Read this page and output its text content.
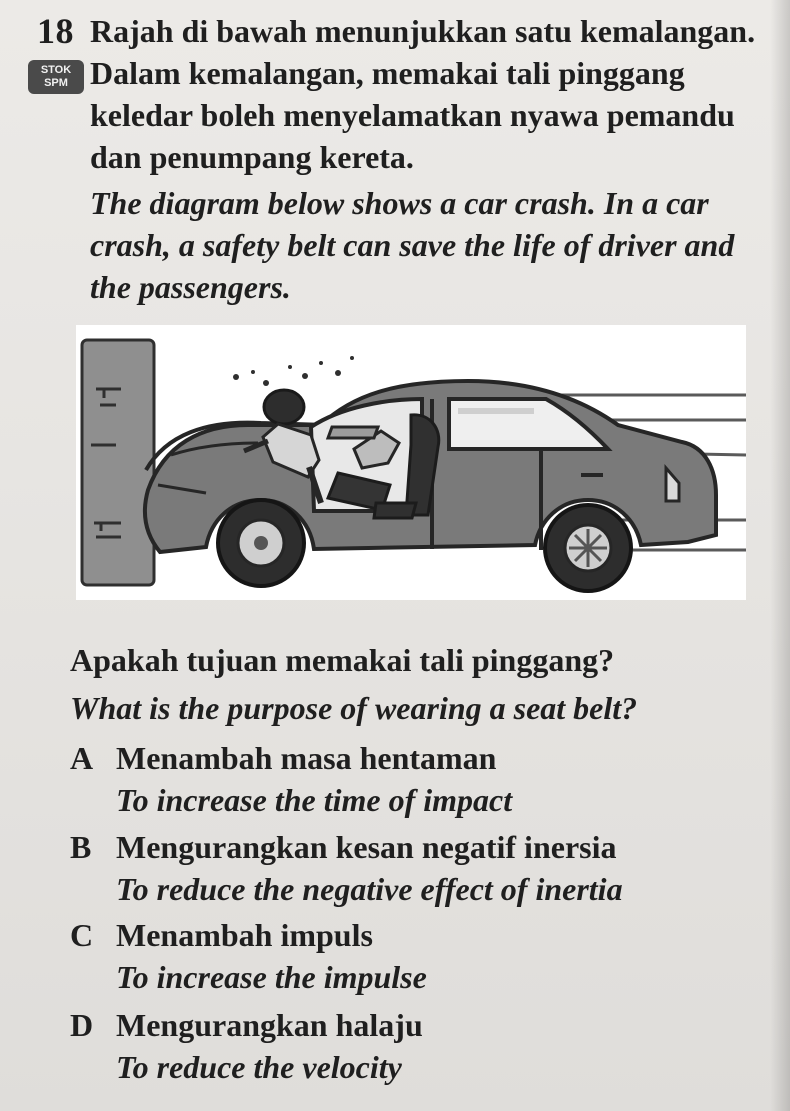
18
STOK SPM
Rajah di bawah menunjukkan satu kemalangan. Dalam kemalangan, memakai tali pinggang keledar boleh menyelamatkan nyawa pemandu dan penumpang kereta.
The diagram below shows a car crash. In a car crash, a safety belt can save the life of driver and the passengers.
Apakah tujuan memakai tali pinggang?
What is the purpose of wearing a seat belt?
A Menambah masa hentaman
To increase the time of impact
B Mengurangkan kesan negatif inersia
To reduce the negative effect of inertia
C Menambah impuls
To increase the impulse
D Mengurangkan halaju
To reduce the velocity
